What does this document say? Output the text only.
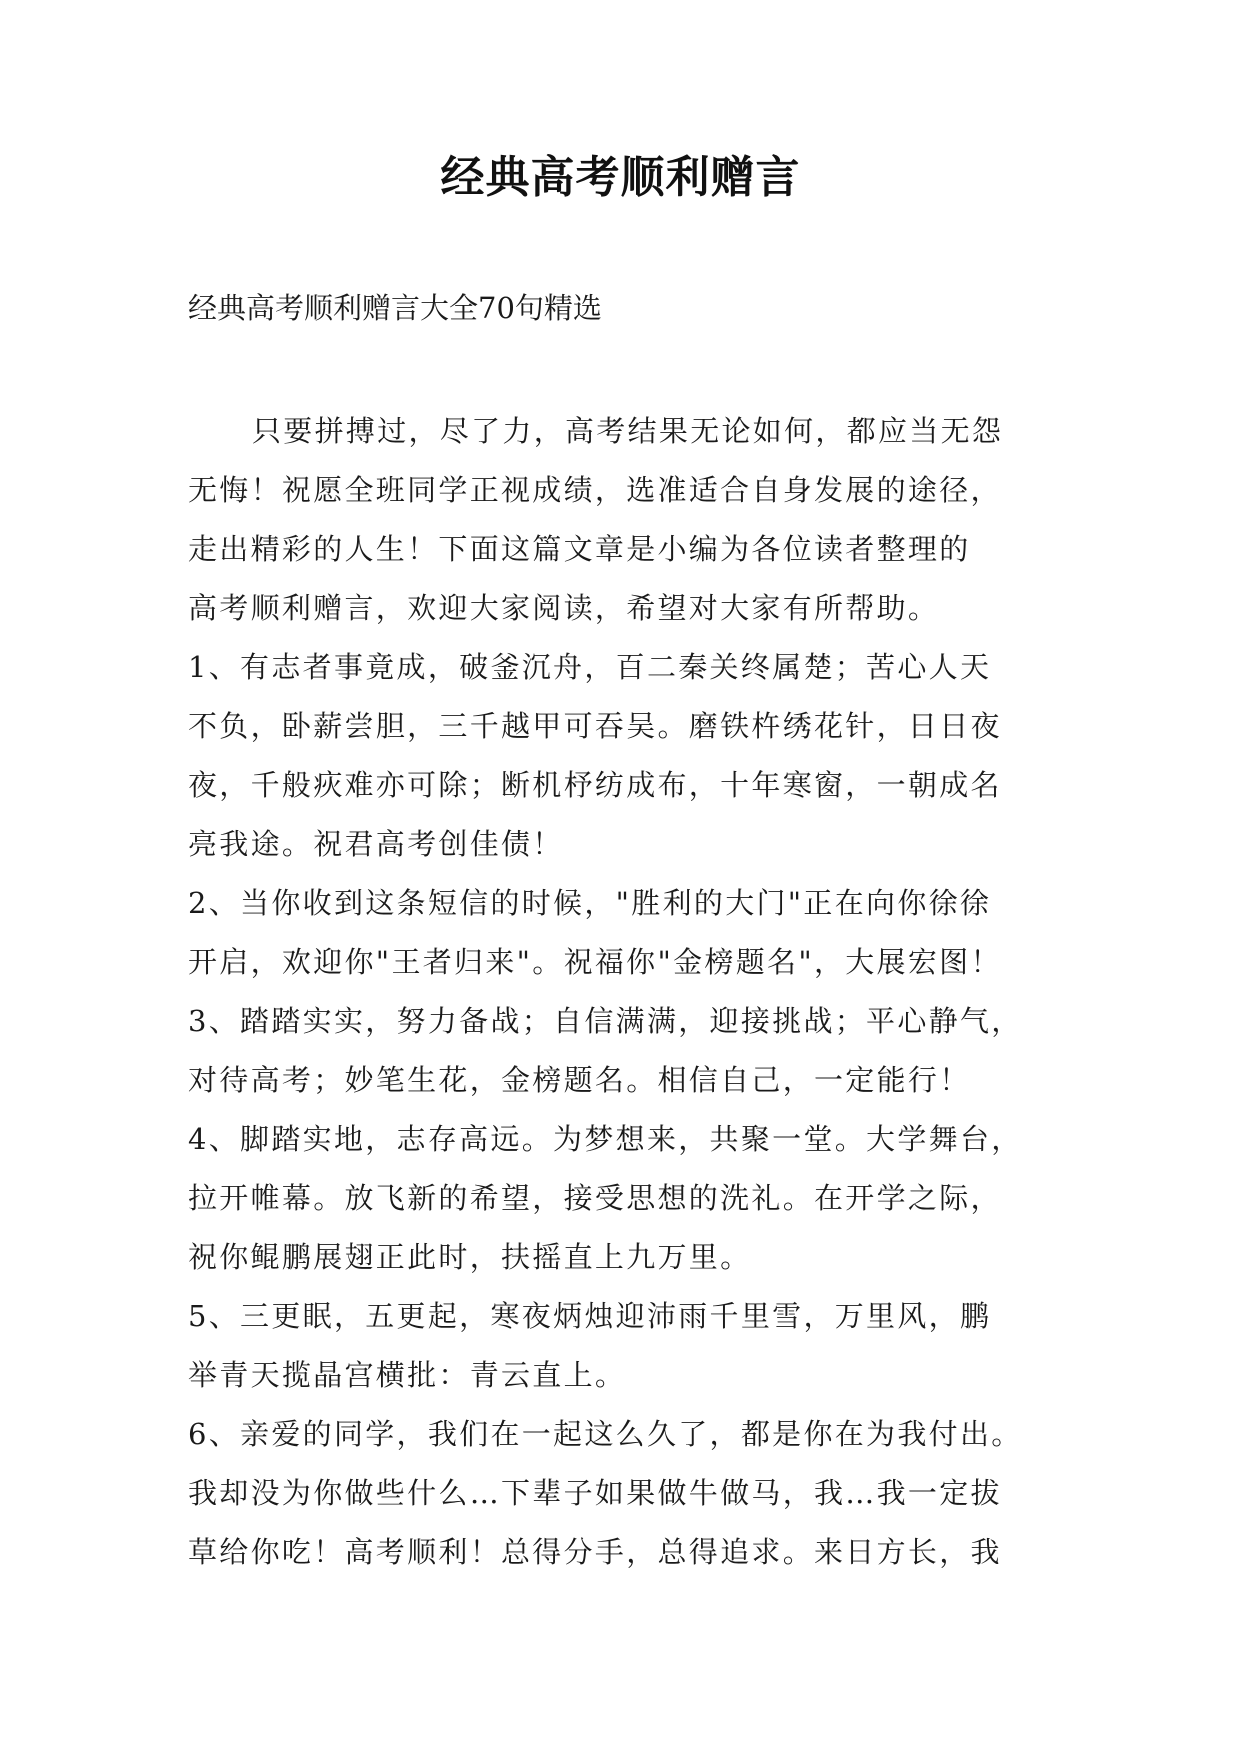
经典高考顺利赠言
经典高考顺利赠言大全70句精选
只要拼搏过，尽了力，高考结果无论如何，都应当无怨
无悔！祝愿全班同学正视成绩，选准适合自身发展的途径，
走出精彩的人生！下面这篇文章是小编为各位读者整理的
高考顺利赠言，欢迎大家阅读，希望对大家有所帮助。
1、有志者事竟成，破釜沉舟，百二秦关终属楚；苦心人天
不负，卧薪尝胆，三千越甲可吞吴。磨铁杵绣花针，日日夜
夜，千般疢难亦可除；断机杼纺成布，十年寒窗，一朝成名
亮我途。祝君高考创佳债！
2、当你收到这条短信的时候，"胜利的大门"正在向你徐徐
开启，欢迎你"王者归来"。祝福你"金榜题名"，大展宏图！
3、踏踏实实，努力备战；自信满满，迎接挑战；平心静气，
对待高考；妙笔生花，金榜题名。相信自己，一定能行！
4、脚踏实地，志存高远。为梦想来，共聚一堂。大学舞台，
拉开帷幕。放飞新的希望，接受思想的洗礼。在开学之际，
祝你鲲鹏展翅正此时，扶摇直上九万里。
5、三更眠，五更起，寒夜炳烛迎沛雨千里雪，万里风，鹏
举青天揽晶宫横批：青云直上。
6、亲爱的同学，我们在一起这么久了，都是你在为我付出。
我却没为你做些什么…下辈子如果做牛做马，我…我一定拔
草给你吃！高考顺利！总得分手，总得追求。来日方长，我
